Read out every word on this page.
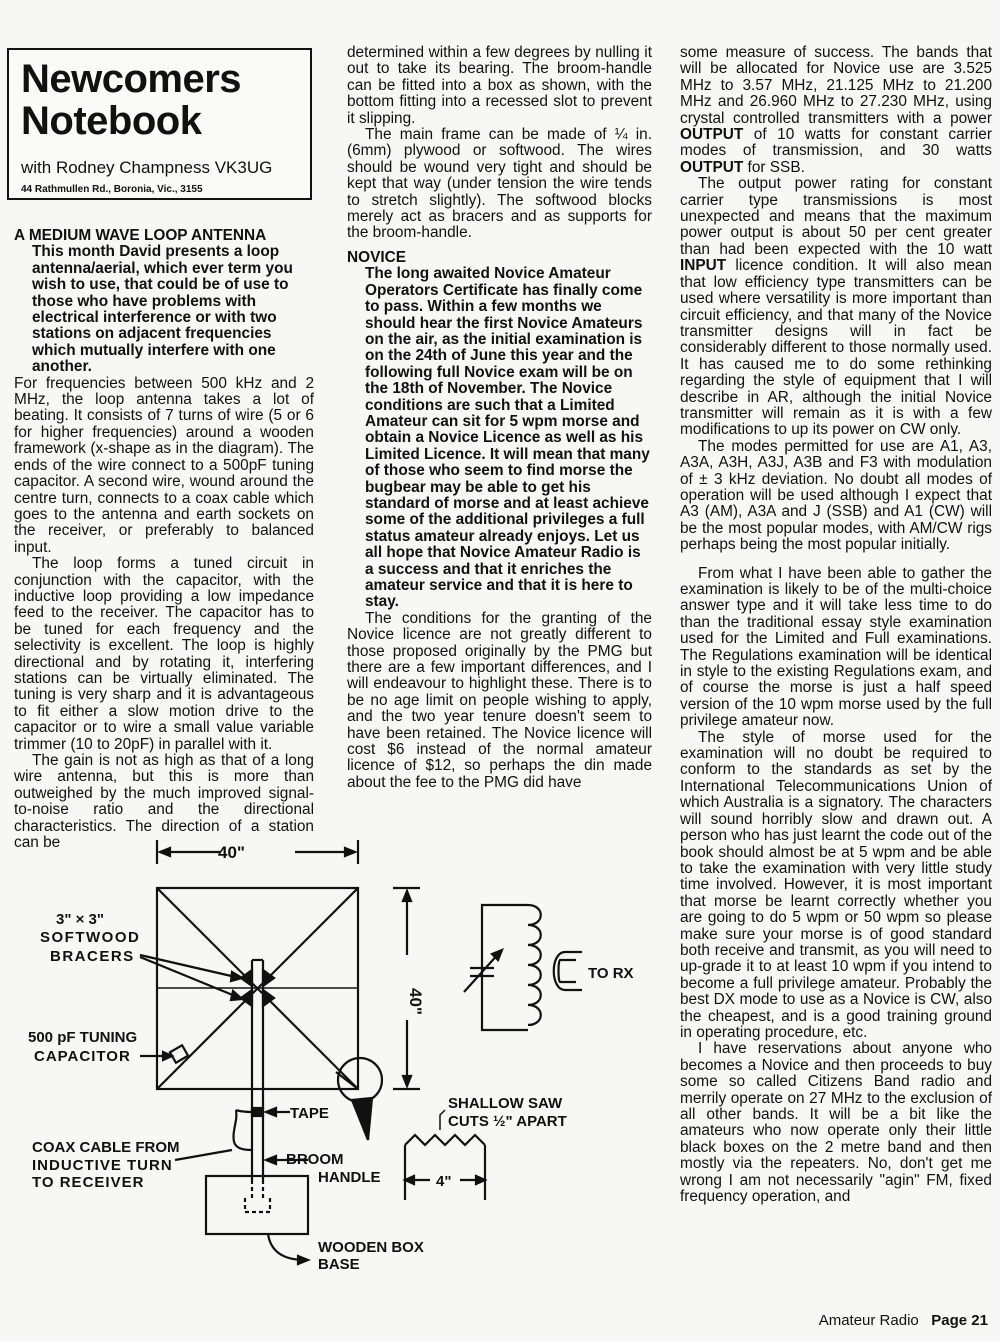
Newcomers Notebook
with Rodney Champness VK3UG
44 Rathmullen Rd., Boronia, Vic., 3155

A MEDIUM WAVE LOOP ANTENNA

This month David presents a loop antenna/aerial, which ever term you wish to use, that could be of use to those who have problems with electrical interference or with two stations on adjacent frequencies which mutually interfere with one another.

For frequencies between 500 kHz and 2 MHz, the loop antenna takes a lot of beating. It consists of 7 turns of wire (5 or 6 for higher frequencies) around a wooden framework (x-shape as in the diagram). The ends of the wire connect to a 500pF tuning capacitor. A second wire, wound around the centre turn, connects to a coax cable which goes to the antenna and earth sockets on the receiver, or preferably to balanced input.

The loop forms a tuned circuit in conjunction with the capacitor, with the inductive loop providing a low impedance feed to the receiver. The capacitor has to be tuned for each frequency and the selectivity is excellent. The loop is highly directional and by rotating it, interfering stations can be virtually eliminated. The tuning is very sharp and it is advantageous to fit either a slow motion drive to the capacitor or to wire a small value variable trimmer (10 to 20pF) in parallel with it.

The gain is not as high as that of a long wire antenna, but this is more than outweighed by the much improved signal-to-noise ratio and the directional characteristics. The direction of a station can be

determined within a few degrees by nulling it out to take its bearing. The broom-handle can be fitted into a box as shown, with the bottom fitting into a recessed slot to prevent it slipping.

The main frame can be made of ¼ in. (6mm) plywood or softwood. The wires should be wound very tight and should be kept that way (under tension the wire tends to stretch slightly). The softwood blocks merely act as bracers and as supports for the broom-handle.

NOVICE

The long awaited Novice Amateur Operators Certificate has finally come to pass. Within a few months we should hear the first Novice Amateurs on the air, as the initial examination is on the 24th of June this year and the following full Novice exam will be on the 18th of November. The Novice conditions are such that a Limited Amateur can sit for 5 wpm morse and obtain a Novice Licence as well as his Limited Licence. It will mean that many of those who seem to find morse the bugbear may be able to get his standard of morse and at least achieve some of the additional privileges a full status amateur already enjoys. Let us all hope that Novice Amateur Radio is a success and that it enriches the amateur service and that it is here to stay.

The conditions for the granting of the Novice licence are not greatly different to those proposed originally by the PMG but there are a few important differences, and I will endeavour to highlight these. There is to be no age limit on people wishing to apply, and the two year tenure doesn't seem to have been retained. The Novice licence will cost $6 instead of the normal amateur licence of $12, so perhaps the din made about the fee to the PMG did have

some measure of success. The bands that will be allocated for Novice use are 3.525 MHz to 3.57 MHz, 21.125 MHz to 21.200 MHz and 26.960 MHz to 27.230 MHz, using crystal controlled transmitters with a power OUTPUT of 10 watts for constant carrier modes of transmission, and 30 watts OUTPUT for SSB.

The output power rating for constant carrier type transmissions is most unexpected and means that the maximum power output is about 50 per cent greater than had been expected with the 10 watt INPUT licence condition. It will also mean that low efficiency type transmitters can be used where versatility is more important than circuit efficiency, and that many of the Novice transmitter designs will in fact be considerably different to those normally used. It has caused me to do some rethinking regarding the style of equipment that I will describe in AR, although the initial Novice transmitter will remain as it is with a few modifications to up its power on CW only.

The modes permitted for use are A1, A3, A3A, A3H, A3J, A3B and F3 with modulation of ± 3 kHz deviation. No doubt all modes of operation will be used although I expect that A3 (AM), A3A and J (SSB) and A1 (CW) will be the most popular modes, with AM/CW rigs perhaps being the most popular initially.

From what I have been able to gather the examination is likely to be of the multi-choice answer type and it will take less time to do than the traditional essay style examination used for the Limited and Full examinations. The Regulations examination will be identical in style to the existing Regulations exam, and of course the morse is just a half speed version of the 10 wpm morse used by the full privilege amateur now.

The style of morse used for the examination will no doubt be required to conform to the standards as set by the International Telecommunications Union of which Australia is a signatory. The characters will sound horribly slow and drawn out. A person who has just learnt the code out of the book should almost be at 5 wpm and be able to take the examination with very little study time involved. However, it is most important that morse be learnt correctly whether you are going to do 5 wpm or 50 wpm so please make sure your morse is of good standard both receive and transmit, as you will need to up-grade it to at least 10 wpm if you intend to become a full privilege amateur. Probably the best DX mode to use as a Novice is CW, also the cheapest, and is a good training ground in operating procedure, etc.

I have reservations about anyone who becomes a Novice and then proceeds to buy some so called Citizens Band radio and merrily operate on 27 MHz to the exclusion of all other bands. It will be a bit like the amateurs who now operate only their little black boxes on the 2 metre band and then mostly via the repeaters. No, don't get me wrong I am not necessarily "agin" FM, fixed frequency operation, and

40"
40"
3" × 3"
SOFTWOOD
BRACERS
500 pF TUNING
CAPACITOR
TAPE
COAX CABLE FROM
INDUCTIVE TURN
TO RECEIVER
BROOM
HANDLE
WOODEN BOX
BASE
SHALLOW SAW
CUTS ½" APART
4"
TO RX
Amateur Radio Page 21
